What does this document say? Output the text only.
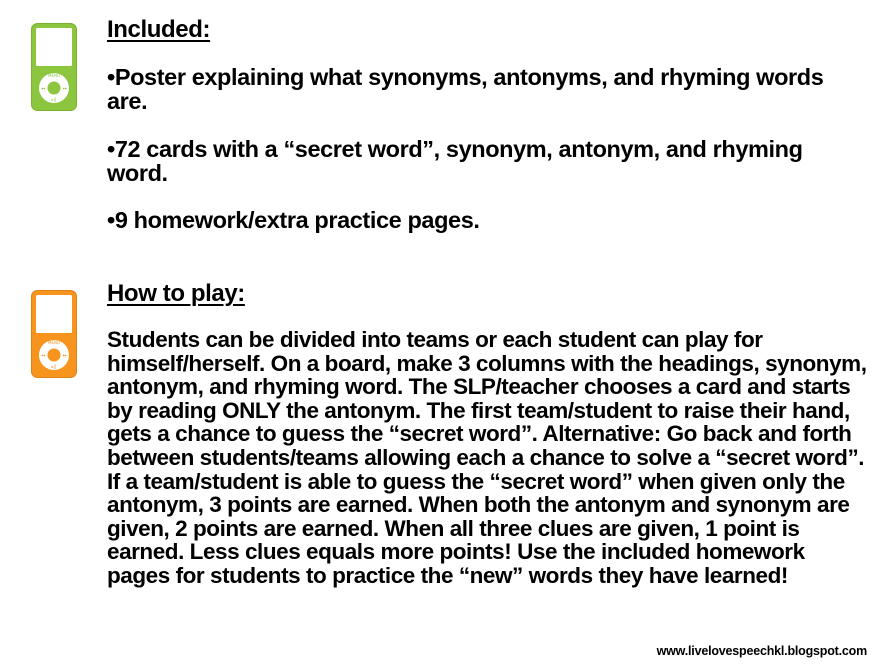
MENU
◂◂	▸▸
▸||
Included:

•Poster explaining what synonyms, antonyms, and rhyming words are.

•72 cards with a “secret word”, synonym, antonym, and rhyming word.

•9 homework/extra practice pages.

MENU
◂◂	▸▸
▸||
How to play:

Students can be divided into teams or each student can play for himself/herself. On a board, make 3 columns with the headings, synonym, antonym, and rhyming word. The SLP/teacher chooses a card and starts by reading ONLY the antonym. The first team/student to raise their hand, gets a chance to guess the “secret word”. Alternative: Go back and forth between students/teams allowing each a chance to solve a “secret word”. If a team/student is able to guess the “secret word” when given only the antonym, 3 points are earned. When both the antonym and synonym are given, 2 points are earned. When all three clues are given, 1 point is earned. Less clues equals more points! Use the included homework pages for students to practice the “new” words they have learned!

www.liveloves​peechkl.blogspot.com
